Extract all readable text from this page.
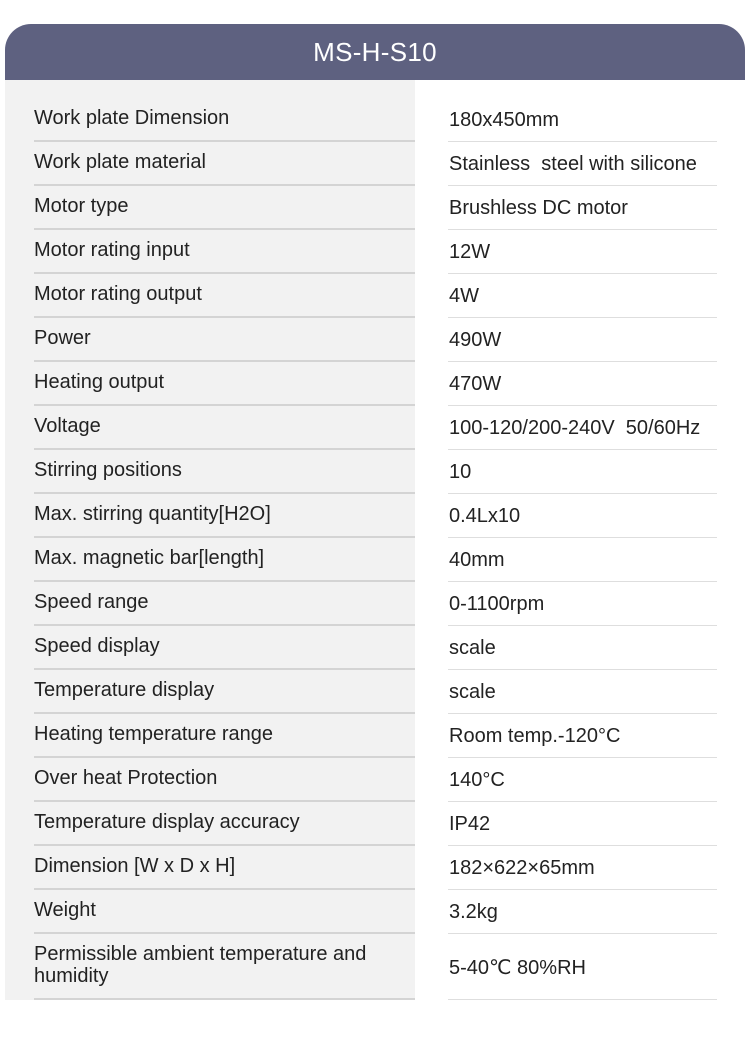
MS-H-S10
Work plate Dimension	180x450mm
Work plate material	Stainless  steel with silicone
Motor type	Brushless DC motor
Motor rating input	12W
Motor rating output	4W
Power	490W
Heating output	470W
Voltage	100-120/200-240V  50/60Hz
Stirring positions	10
Max. stirring quantity[H2O]	0.4Lx10
Max. magnetic bar[length]	40mm
Speed range	0-1100rpm
Speed display	scale
Temperature display	scale
Heating temperature range	Room temp.-120°C
Over heat Protection	140°C
Temperature display accuracy	IP42
Dimension [W x D x H]	182×622×65mm
Weight	3.2kg
Permissible ambient temperature and humidity	5-40℃ 80%RH
